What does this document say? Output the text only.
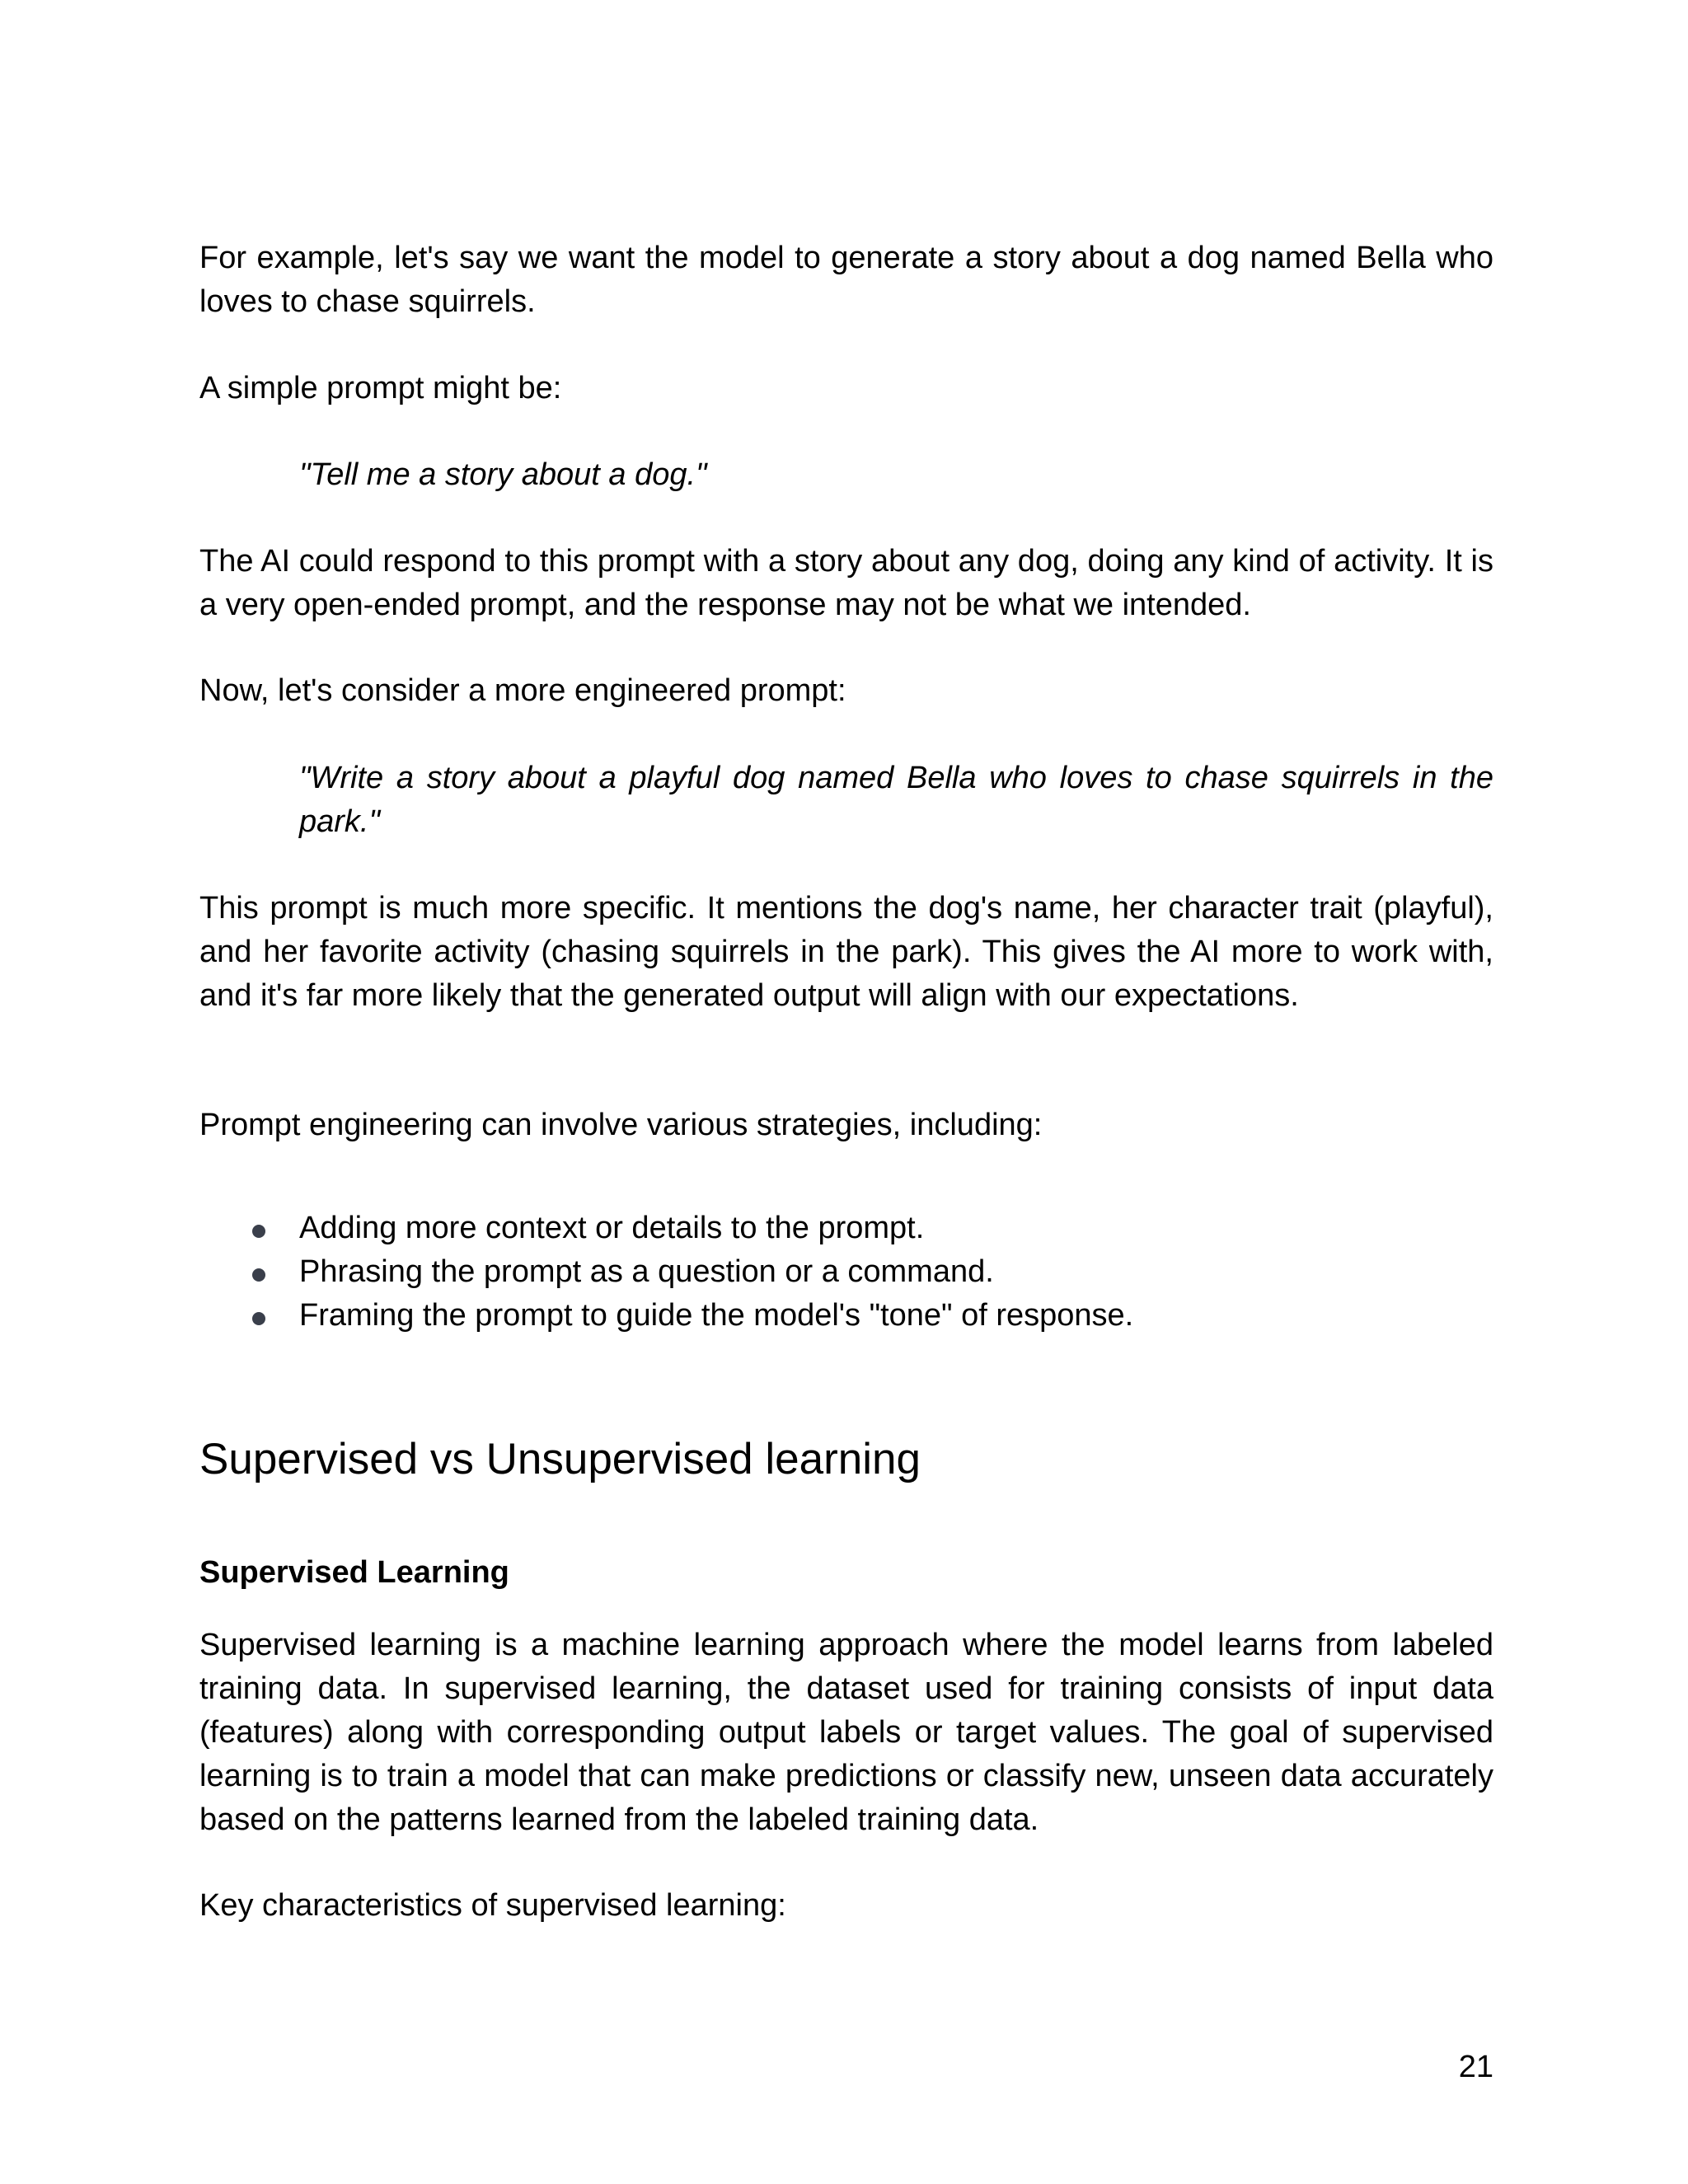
For example, let's say we want the model to generate a story about a dog named Bella who loves to chase squirrels.

A simple prompt might be:

"Tell me a story about a dog."

The AI could respond to this prompt with a story about any dog, doing any kind of activity. It is a very open-ended prompt, and the response may not be what we intended.

Now, let's consider a more engineered prompt:

"Write a story about a playful dog named Bella who loves to chase squirrels in the park."

This prompt is much more specific. It mentions the dog's name, her character trait (playful), and her favorite activity (chasing squirrels in the park). This gives the AI more to work with, and it's far more likely that the generated output will align with our expectations.

Prompt engineering can involve various strategies, including:

Adding more context or details to the prompt.
Phrasing the prompt as a question or a command.
Framing the prompt to guide the model's "tone" of response.
Supervised vs Unsupervised learning
Supervised Learning

Supervised learning is a machine learning approach where the model learns from labeled training data. In supervised learning, the dataset used for training consists of input data (features) along with corresponding output labels or target values. The goal of supervised learning is to train a model that can make predictions or classify new, unseen data accurately based on the patterns learned from the labeled training data.

Key characteristics of supervised learning:

21
